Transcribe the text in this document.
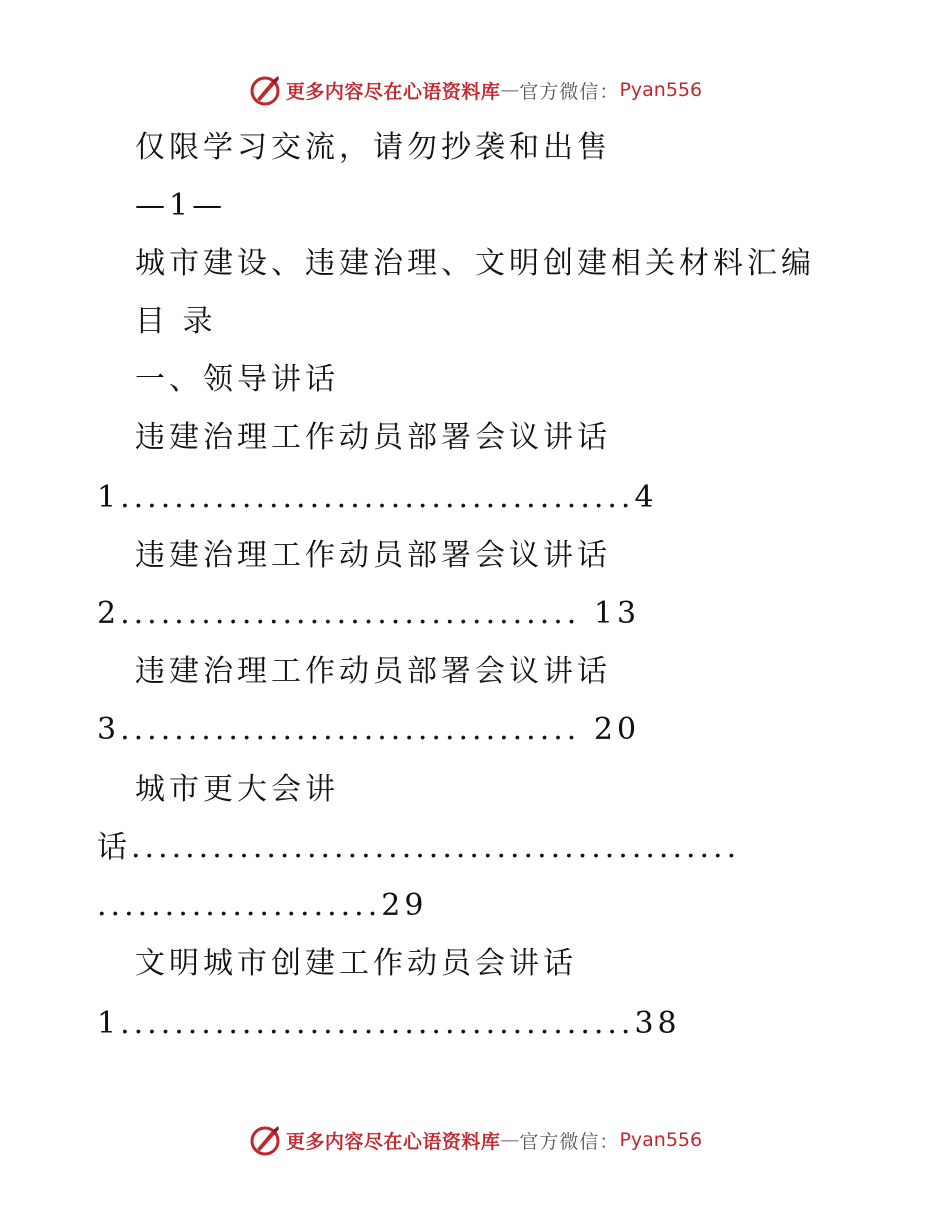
更多内容尽在心语资料库 — 官方微信： Pyan556
仅限学习交流，请勿抄袭和出售
—1—
城市建设、违建治理、文明创建相关材料汇编
目 录
一、领导讲话
违建治理工作动员部署会议讲话
1......................................4
违建治理工作动员部署会议讲话
2.................................. 13
违建治理工作动员部署会议讲话
3.................................. 20
城市更大会讲
话.............................................
.....................29
文明城市创建工作动员会讲话
1......................................38
更多内容尽在心语资料库 — 官方微信： Pyan556
